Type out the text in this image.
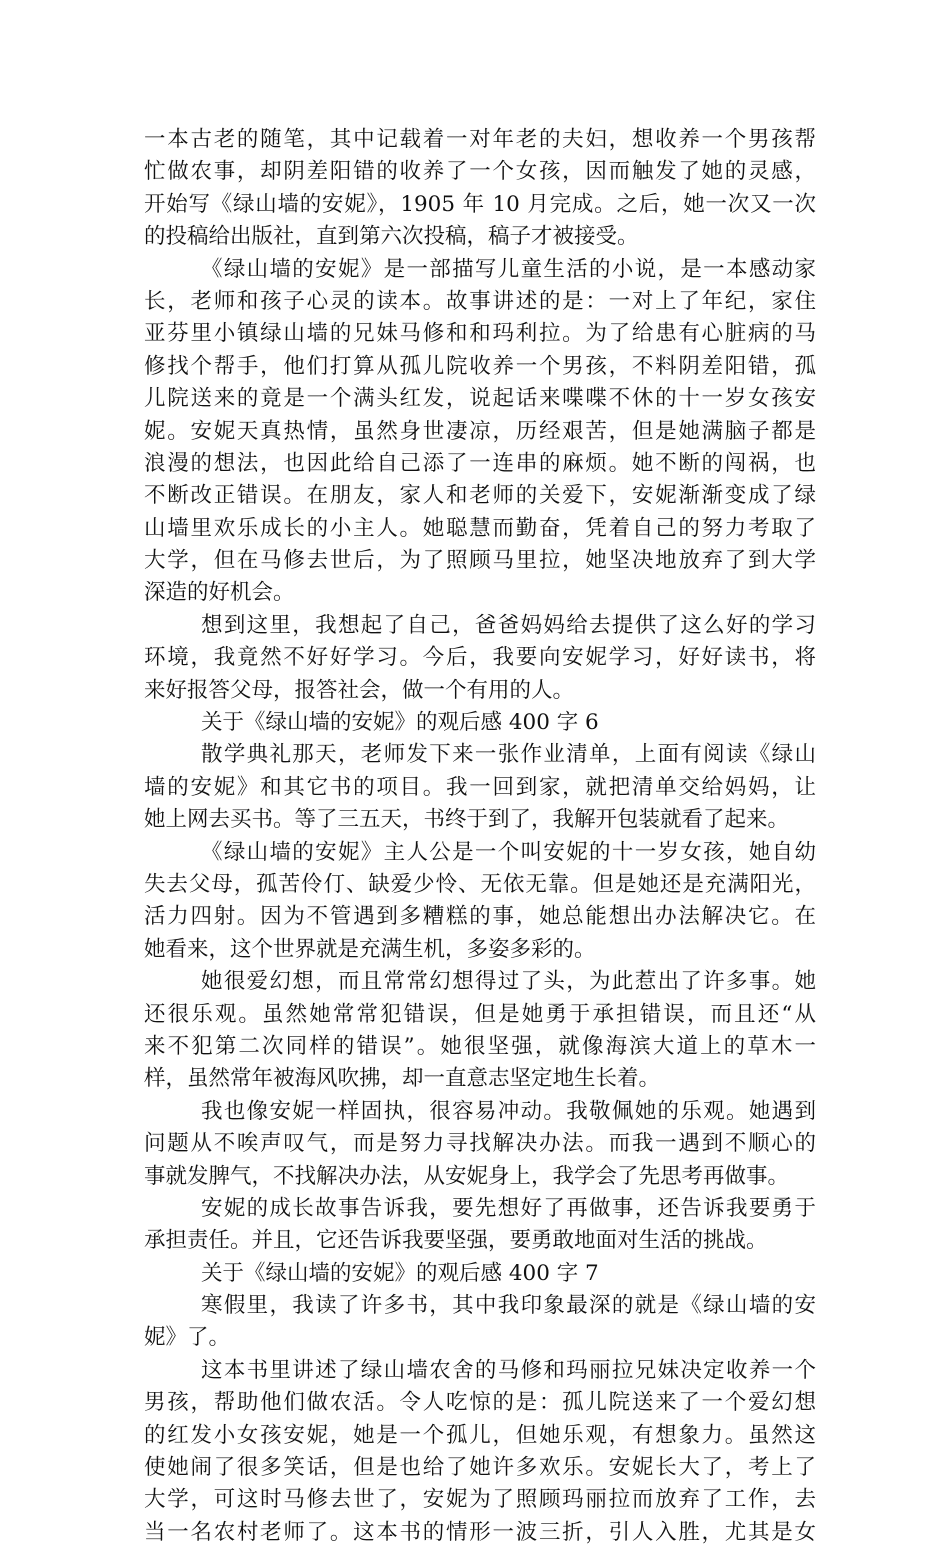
一本古老的随笔，其中记载着一对年老的夫妇，想收养一个男孩帮
忙做农事，却阴差阳错的收养了一个女孩，因而触发了她的灵感，
开始写《绿山墙的安妮》，1905 年 10 月完成。之后，她一次又一次
的投稿给出版社，直到第六次投稿，稿子才被接受。
《绿山墙的安妮》是一部描写儿童生活的小说，是一本感动家
长，老师和孩子心灵的读本。故事讲述的是：一对上了年纪，家住
亚芬里小镇绿山墙的兄妹马修和和玛利拉。为了给患有心脏病的马
修找个帮手，他们打算从孤儿院收养一个男孩，不料阴差阳错，孤
儿院送来的竟是一个满头红发，说起话来喋喋不休的十一岁女孩安
妮。安妮天真热情，虽然身世凄凉，历经艰苦，但是她满脑子都是
浪漫的想法，也因此给自己添了一连串的麻烦。她不断的闯祸，也
不断改正错误。在朋友，家人和老师的关爱下，安妮渐渐变成了绿
山墙里欢乐成长的小主人。她聪慧而勤奋，凭着自己的努力考取了
大学，但在马修去世后，为了照顾马里拉，她坚决地放弃了到大学
深造的好机会。
想到这里，我想起了自己，爸爸妈妈给去提供了这么好的学习
环境，我竟然不好好学习。今后，我要向安妮学习，好好读书，将
来好报答父母，报答社会，做一个有用的人。
关于《绿山墙的安妮》的观后感 400 字 6
散学典礼那天，老师发下来一张作业清单，上面有阅读《绿山
墙的安妮》和其它书的项目。我一回到家，就把清单交给妈妈，让
她上网去买书。等了三五天，书终于到了，我解开包装就看了起来。
《绿山墙的安妮》主人公是一个叫安妮的十一岁女孩，她自幼
失去父母，孤苦伶仃、缺爱少怜、无依无靠。但是她还是充满阳光，
活力四射。因为不管遇到多糟糕的事，她总能想出办法解决它。在
她看来，这个世界就是充满生机，多姿多彩的。
她很爱幻想，而且常常幻想得过了头，为此惹出了许多事。她
还很乐观。虽然她常常犯错误，但是她勇于承担错误，而且还“从
来不犯第二次同样的错误”。她很坚强，就像海滨大道上的草木一
样，虽然常年被海风吹拂，却一直意志坚定地生长着。
我也像安妮一样固执，很容易冲动。我敬佩她的乐观。她遇到
问题从不唉声叹气，而是努力寻找解决办法。而我一遇到不顺心的
事就发脾气，不找解决办法，从安妮身上，我学会了先思考再做事。
安妮的成长故事告诉我，要先想好了再做事，还告诉我要勇于
承担责任。并且，它还告诉我要坚强，要勇敢地面对生活的挑战。
关于《绿山墙的安妮》的观后感 400 字 7
寒假里，我读了许多书，其中我印象最深的就是《绿山墙的安
妮》了。
这本书里讲述了绿山墙农舍的马修和玛丽拉兄妹决定收养一个
男孩，帮助他们做农活。令人吃惊的是：孤儿院送来了一个爱幻想
的红发小女孩安妮，她是一个孤儿，但她乐观，有想象力。虽然这
使她闹了很多笑话，但是也给了她许多欢乐。安妮长大了，考上了
大学，可这时马修去世了，安妮为了照顾玛丽拉而放弃了工作，去
当一名农村老师了。这本书的情形一波三折，引人入胜，尤其是女
